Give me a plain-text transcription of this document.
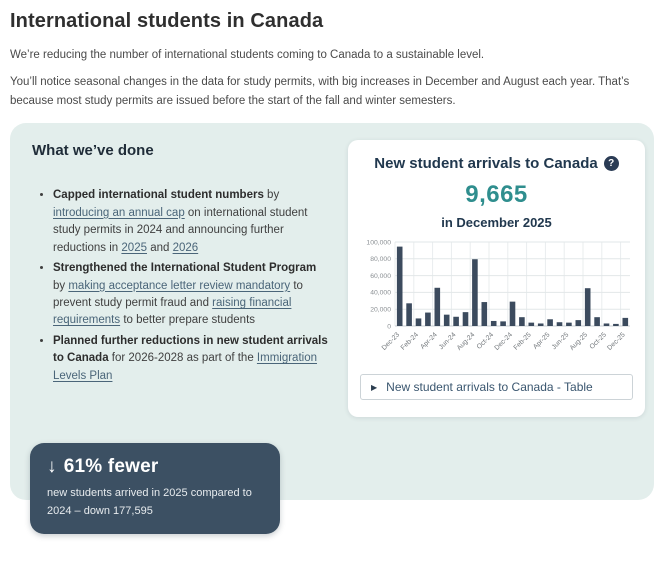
International students in Canada

We’re reducing the number of international students coming to Canada to a sustainable level.

You’ll notice seasonal changes in the data for study permits, with big increases in December and August each year. That’s because most study permits are issued before the start of the fall and winter semesters.

What we’ve done
• Capped international student numbers by introducing an annual cap on international student study permits in 2024 and announcing further reductions in 2025 and 2026
• Strengthened the International Student Program by making acceptance letter review mandatory to prevent study permit fraud and raising financial requirements to better prepare students
• Planned further reductions in new student arrivals to Canada for 2026-2028 as part of the Immigration Levels Plan
New student arrivals to Canada	?
9,665
in December 2025
0
20,000
40,000
60,000
80,000
100,000
Dec-23
Feb-24 Apr-24 Jun-24
Aug-24 Oct-24
Dec-24
Feb-25 Apr-25 Jun-25
Aug-25 Oct-25
Dec-25
▶ New student arrivals to Canada - Table
↓ 61% fewer
new students arrived in 2025 compared to 2024 – down 177,595
